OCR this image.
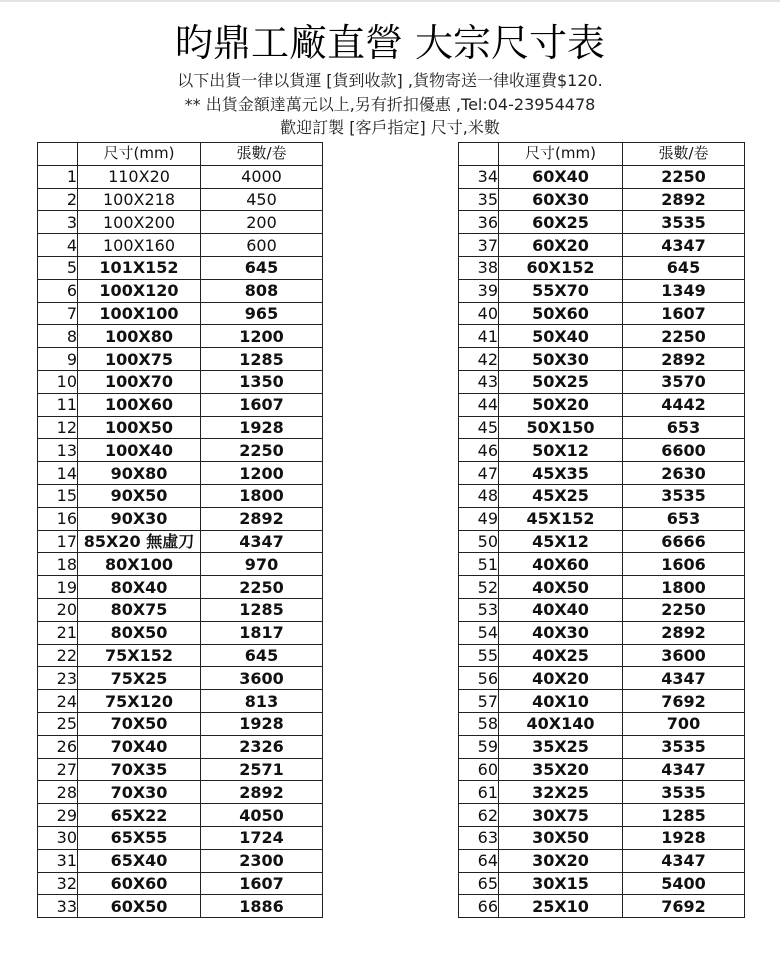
昀鼎工廠直營 大宗尺寸表
以下出貨一律以貨運 [貨到收款] ,貨物寄送一律收運費$120.
** 出貨金額達萬元以上,另有折扣優惠 ,Tel:04-23954478
歡迎訂製 [客戶指定] 尺寸,米數
	尺寸(mm)	張數/卷
1	110X20	4000
2	100X218	450
3	100X200	200
4	100X160	600
5	101X152	645
6	100X120	808
7	100X100	965
8	100X80	1200
9	100X75	1285
10	100X70	1350
11	100X60	1607
12	100X50	1928
13	100X40	2250
14	90X80	1200
15	90X50	1800
16	90X30	2892
17	85X20 無虛刀	4347
18	80X100	970
19	80X40	2250
20	80X75	1285
21	80X50	1817
22	75X152	645
23	75X25	3600
24	75X120	813
25	70X50	1928
26	70X40	2326
27	70X35	2571
28	70X30	2892
29	65X22	4050
30	65X55	1724
31	65X40	2300
32	60X60	1607
33	60X50	1886
	尺寸(mm)	張數/卷
34	60X40	2250
35	60X30	2892
36	60X25	3535
37	60X20	4347
38	60X152	645
39	55X70	1349
40	50X60	1607
41	50X40	2250
42	50X30	2892
43	50X25	3570
44	50X20	4442
45	50X150	653
46	50X12	6600
47	45X35	2630
48	45X25	3535
49	45X152	653
50	45X12	6666
51	40X60	1606
52	40X50	1800
53	40X40	2250
54	40X30	2892
55	40X25	3600
56	40X20	4347
57	40X10	7692
58	40X140	700
59	35X25	3535
60	35X20	4347
61	32X25	3535
62	30X75	1285
63	30X50	1928
64	30X20	4347
65	30X15	5400
66	25X10	7692
